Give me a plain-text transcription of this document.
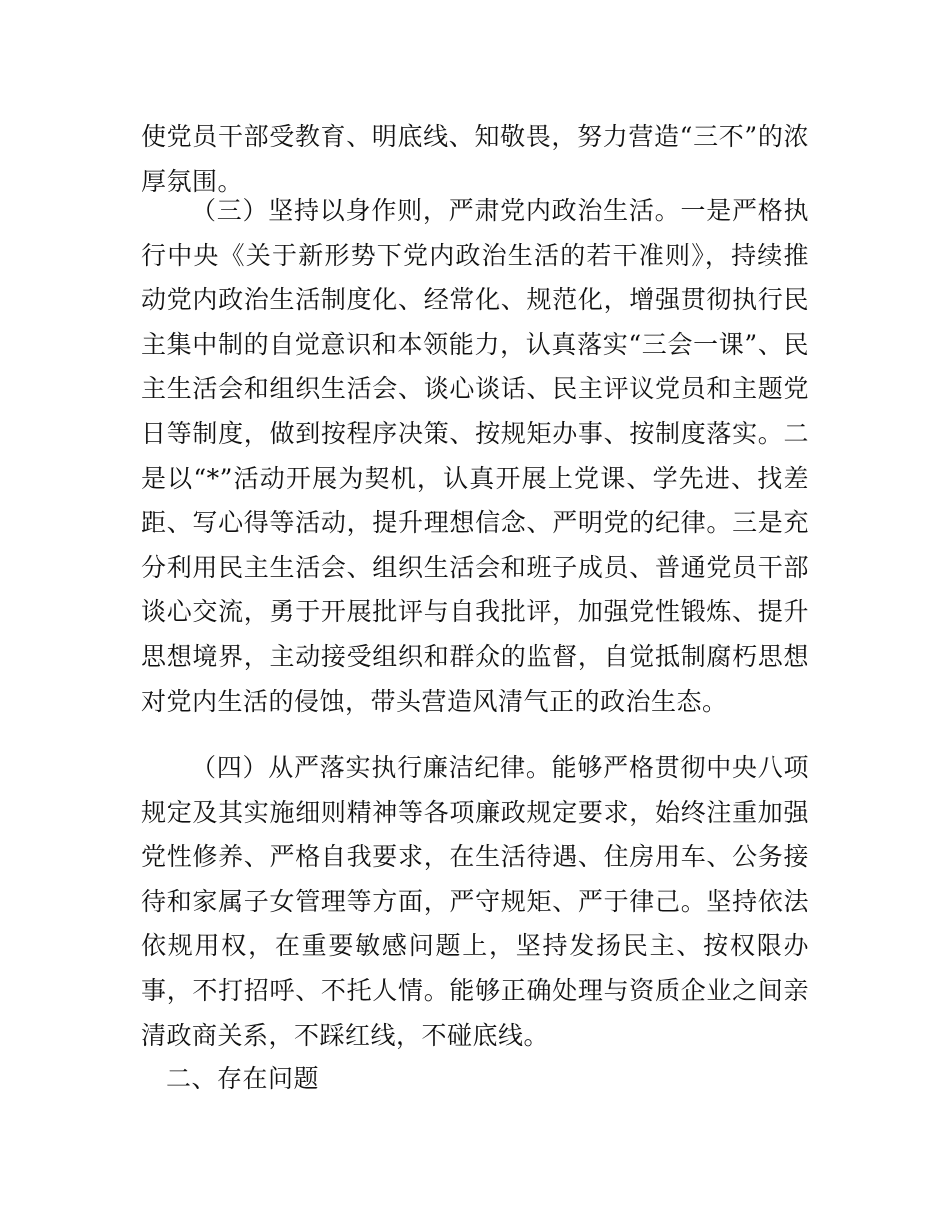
使党员干部受教育、明底线、知敬畏，努力营造“三不”的浓厚氛围。

（三）坚持以身作则，严肃党内政治生活。一是严格执行中央《关于新形势下党内政治生活的若干准则》，持续推动党内政治生活制度化、经常化、规范化，增强贯彻执行民主集中制的自觉意识和本领能力，认真落实“三会一课”、民主生活会和组织生活会、谈心谈话、民主评议党员和主题党日等制度，做到按程序决策、按规矩办事、按制度落实。二是以“*”活动开展为契机，认真开展上党课、学先进、找差距、写心得等活动，提升理想信念、严明党的纪律。三是充分利用民主生活会、组织生活会和班子成员、普通党员干部谈心交流，勇于开展批评与自我批评，加强党性锻炼、提升思想境界，主动接受组织和群众的监督，自觉抵制腐朽思想对党内生活的侵蚀，带头营造风清气正的政治生态。

（四）从严落实执行廉洁纪律。能够严格贯彻中央八项规定及其实施细则精神等各项廉政规定要求，始终注重加强党性修养、严格自我要求，在生活待遇、住房用车、公务接待和家属子女管理等方面，严守规矩、严于律己。坚持依法依规用权，在重要敏感问题上，坚持发扬民主、按权限办事，不打招呼、不托人情。能够正确处理与资质企业之间亲清政商关系，不踩红线，不碰底线。

二、存在问题
